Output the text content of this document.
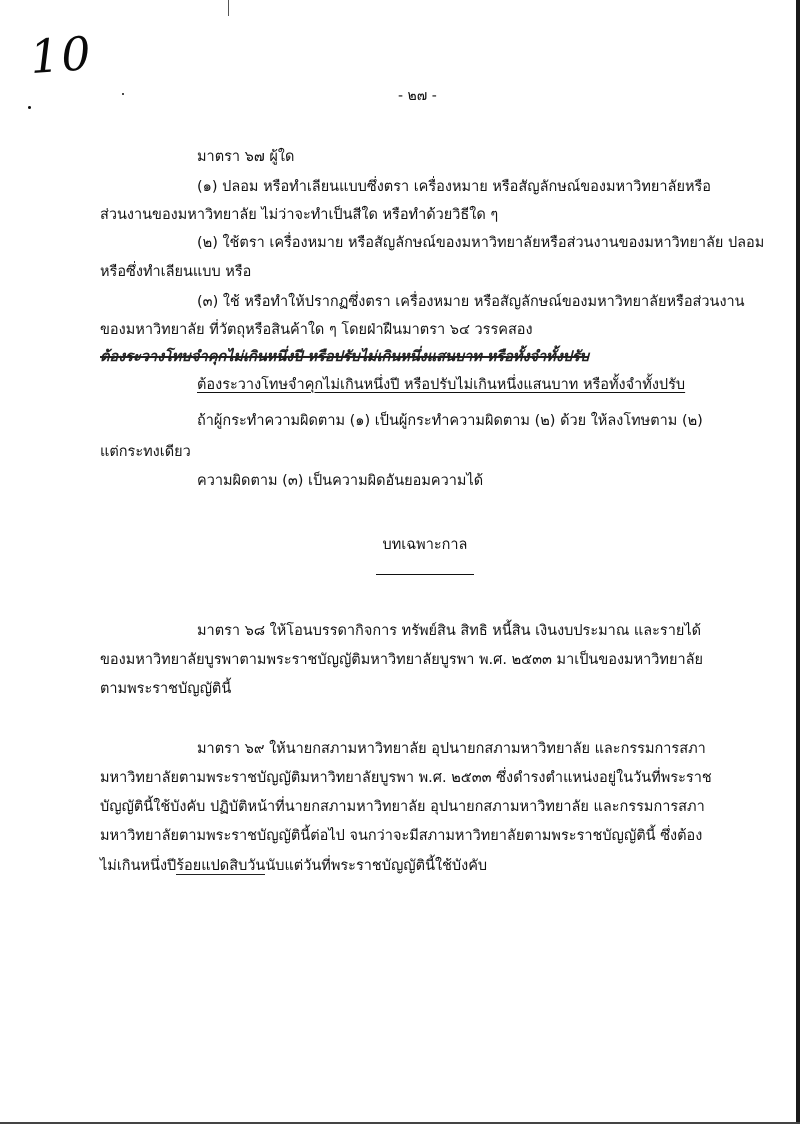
10
- ๒๗ -
มาตรา ๖๗ ผู้ใด
(๑) ปลอม หรือทำเลียนแบบซึ่งตรา เครื่องหมาย หรือสัญลักษณ์ของมหาวิทยาลัยหรือ
ส่วนงานของมหาวิทยาลัย ไม่ว่าจะทำเป็นสีใด หรือทำด้วยวิธีใด ๆ
(๒) ใช้ตรา เครื่องหมาย หรือสัญลักษณ์ของมหาวิทยาลัยหรือส่วนงานของมหาวิทยาลัย ปลอม
หรือซึ่งทำเลียนแบบ หรือ
(๓) ใช้ หรือทำให้ปรากฏซึ่งตรา เครื่องหมาย หรือสัญลักษณ์ของมหาวิทยาลัยหรือส่วนงาน
ของมหาวิทยาลัย ที่วัตถุหรือสินค้าใด ๆ โดยฝ่าฝืนมาตรา ๖๔ วรรคสอง
ต้องระวางโทษจำคุกไม่เกินหนึ่งปี หรือปรับไม่เกินหนึ่งแสนบาท หรือทั้งจำทั้งปรับ
ต้องระวางโทษจำคุกไม่เกินหนึ่งปี หรือปรับไม่เกินหนึ่งแสนบาท หรือทั้งจำทั้งปรับ
ถ้าผู้กระทำความผิดตาม (๑) เป็นผู้กระทำความผิดตาม (๒) ด้วย ให้ลงโทษตาม (๒)
แต่กระทงเดียว
ความผิดตาม (๓) เป็นความผิดอันยอมความได้
บทเฉพาะกาล
มาตรา ๖๘ ให้โอนบรรดากิจการ ทรัพย์สิน สิทธิ หนี้สิน เงินงบประมาณ และรายได้
ของมหาวิทยาลัยบูรพาตามพระราชบัญญัติมหาวิทยาลัยบูรพา พ.ศ. ๒๕๓๓ มาเป็นของมหาวิทยาลัย
ตามพระราชบัญญัตินี้
มาตรา ๖๙ ให้นายกสภามหาวิทยาลัย อุปนายกสภามหาวิทยาลัย และกรรมการสภา
มหาวิทยาลัยตามพระราชบัญญัติมหาวิทยาลัยบูรพา พ.ศ. ๒๕๓๓ ซึ่งดำรงตำแหน่งอยู่ในวันที่พระราช
บัญญัตินี้ใช้บังคับ ปฏิบัติหน้าที่นายกสภามหาวิทยาลัย อุปนายกสภามหาวิทยาลัย และกรรมการสภา
มหาวิทยาลัยตามพระราชบัญญัตินี้ต่อไป จนกว่าจะมีสภามหาวิทยาลัยตามพระราชบัญญัตินี้ ซึ่งต้อง
ไม่เกินหนึ่งปีร้อยแปดสิบวันนับแต่วันที่พระราชบัญญัตินี้ใช้บังคับ
